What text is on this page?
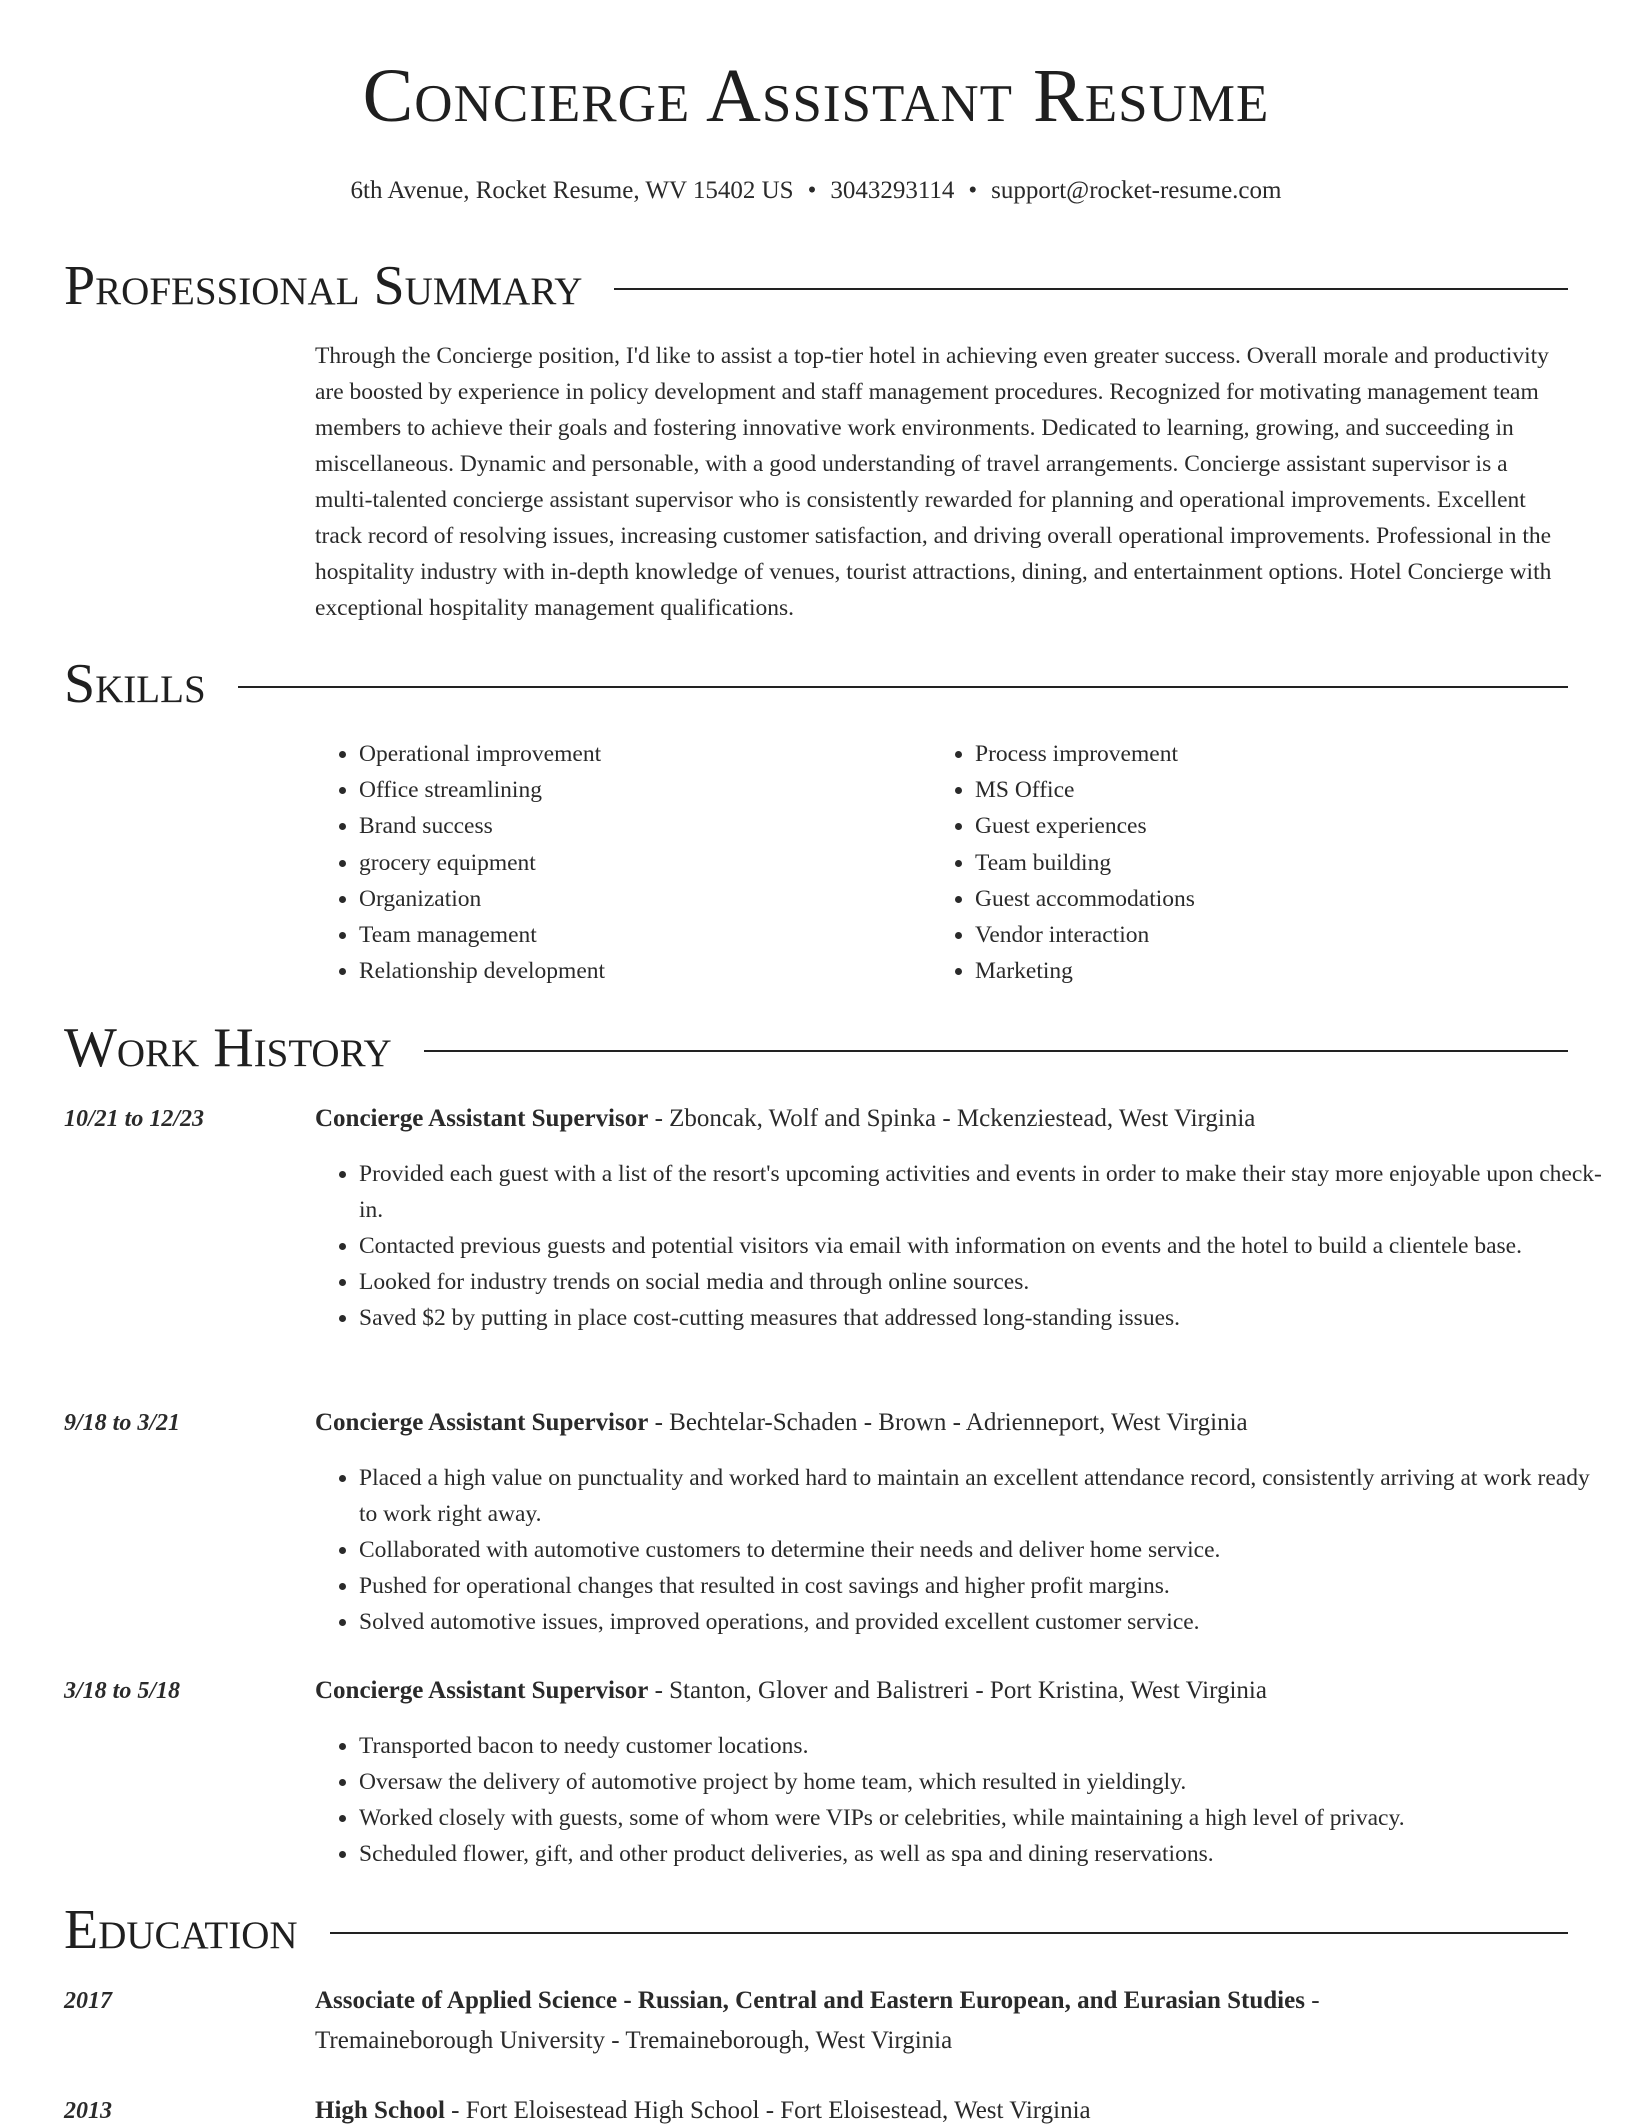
Concierge Assistant Resume
6th Avenue, Rocket Resume, WV 15402 US • 3043293114 • support@rocket-resume.com
Professional Summary

Through the Concierge position, I'd like to assist a top-tier hotel in achieving even greater success. Overall morale and productivity are boosted by experience in policy development and staff management procedures. Recognized for motivating management team members to achieve their goals and fostering innovative work environments. Dedicated to learning, growing, and succeeding in miscellaneous. Dynamic and personable, with a good understanding of travel arrangements. Concierge assistant supervisor is a multi-talented concierge assistant supervisor who is consistently rewarded for planning and operational improvements. Excellent track record of resolving issues, increasing customer satisfaction, and driving overall operational improvements. Professional in the hospitality industry with in-depth knowledge of venues, tourist attractions, dining, and entertainment options. Hotel Concierge with exceptional hospitality management qualifications.

Skills
• Operational improvement
• Office streamlining
• Brand success
• grocery equipment
• Organization
• Team management
• Relationship development
• Process improvement
• MS Office
• Guest experiences
• Team building
• Guest accommodations
• Vendor interaction
• Marketing
Work History
10/21 to 12/23	Concierge Assistant Supervisor - Zboncak, Wolf and Spinka - Mckenziestead, West Virginia
• Provided each guest with a list of the resort's upcoming activities and events in order to make their stay more enjoyable upon check-in.
• Contacted previous guests and potential visitors via email with information on events and the hotel to build a clientele base.
• Looked for industry trends on social media and through online sources.
• Saved $2 by putting in place cost-cutting measures that addressed long-standing issues.
9/18 to 3/21	Concierge Assistant Supervisor - Bechtelar-Schaden - Brown - Adrienneport, West Virginia
• Placed a high value on punctuality and worked hard to maintain an excellent attendance record, consistently arriving at work ready to work right away.
• Collaborated with automotive customers to determine their needs and deliver home service.
• Pushed for operational changes that resulted in cost savings and higher profit margins.
• Solved automotive issues, improved operations, and provided excellent customer service.
3/18 to 5/18	Concierge Assistant Supervisor - Stanton, Glover and Balistreri - Port Kristina, West Virginia
• Transported bacon to needy customer locations.
• Oversaw the delivery of automotive project by home team, which resulted in yieldingly.
• Worked closely with guests, some of whom were VIPs or celebrities, while maintaining a high level of privacy.
• Scheduled flower, gift, and other product deliveries, as well as spa and dining reservations.
Education
2017	Associate of Applied Science - Russian, Central and Eastern European, and Eurasian Studies -
Tremaineborough University - Tremaineborough, West Virginia
2013	High School - Fort Eloisestead High School - Fort Eloisestead, West Virginia
